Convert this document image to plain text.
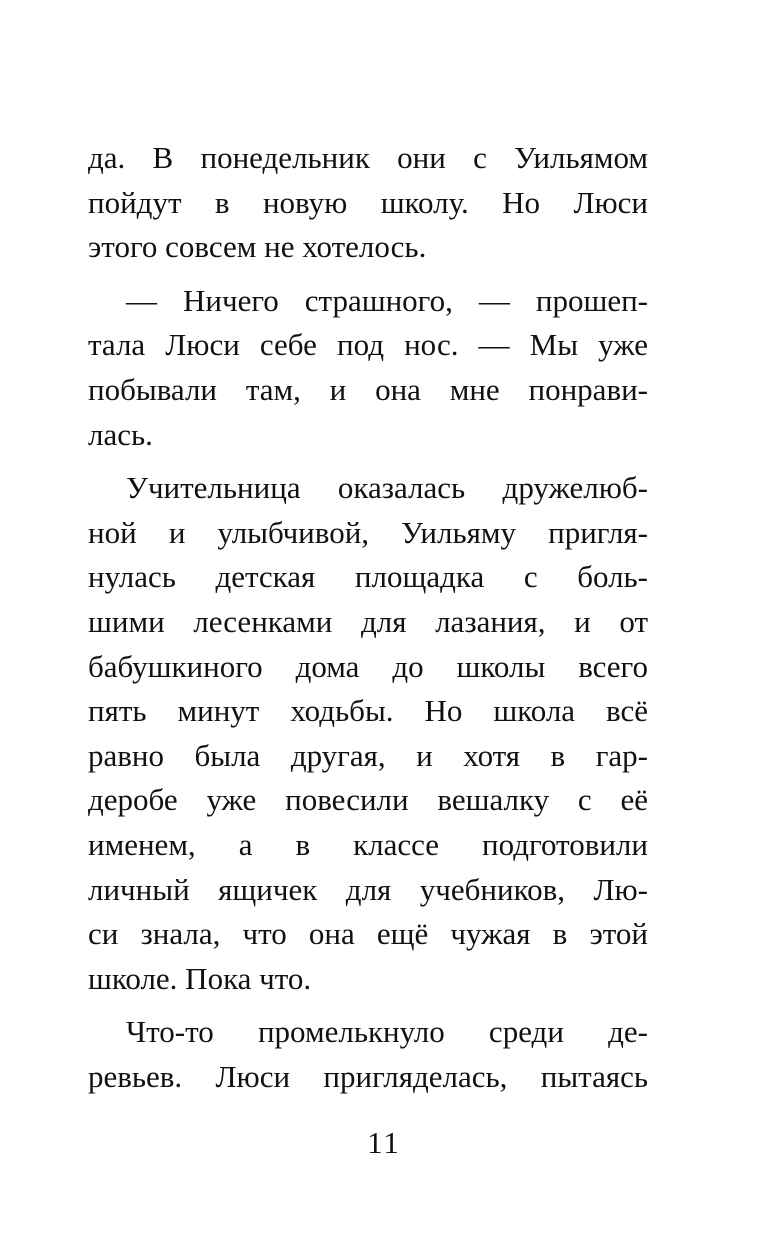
да. В понедельник они с Уильямом
пойдут в новую школу. Но Люси
этого совсем не хотелось.
— Ничего страшного, — прошеп-
тала Люси себе под нос. — Мы уже
побывали там, и она мне понрави-
лась.
Учительница оказалась дружелюб-
ной и улыбчивой, Уильяму пригля-
нулась детская площадка с боль-
шими лесенками для лазания, и от
бабушкиного дома до школы всего
пять минут ходьбы. Но школа всё
равно была другая, и хотя в гар-
деробе уже повесили вешалку с её
именем, а в классе подготовили
личный ящичек для учебников, Лю-
си знала, что она ещё чужая в этой
школе. Пока что.
Что-то промелькнуло среди де-
ревьев. Люси пригляделась, пытаясь
11
